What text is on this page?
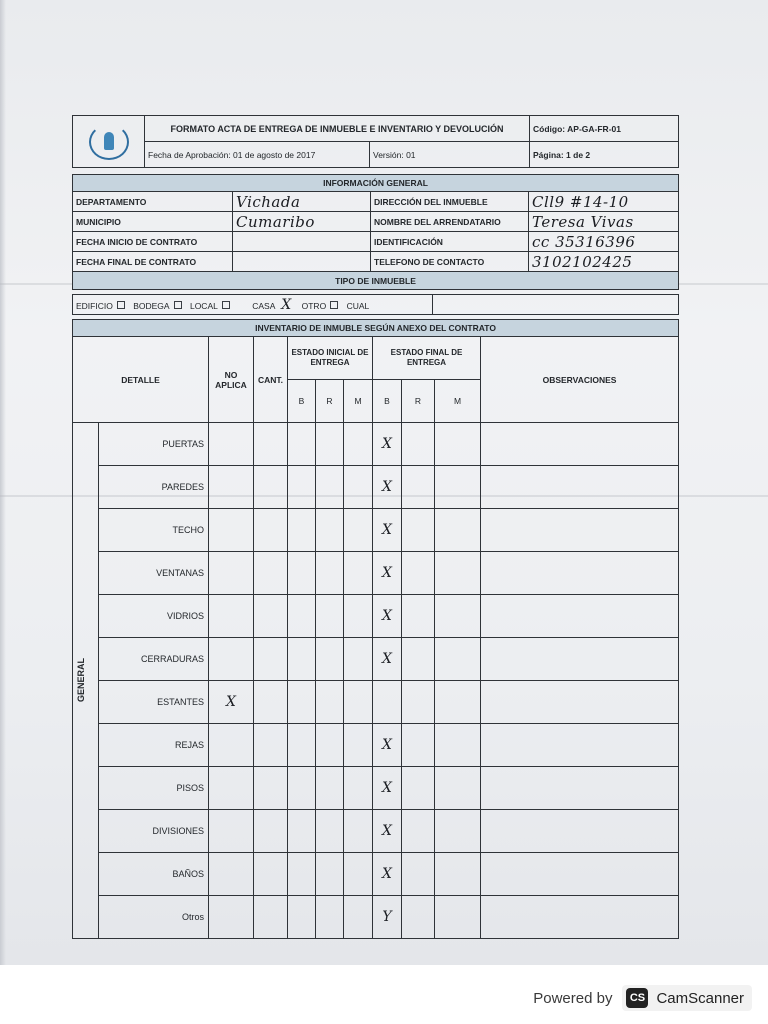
	FORMATO ACTA DE ENTREGA DE INMUEBLE E INVENTARIO Y DEVOLUCIÓN		Código: AP-GA-FR-01
	Fecha de Aprobación: 01 de agosto de 2017	Versión: 01	Página: 1 de 2
INFORMACIÓN GENERAL			
DEPARTAMENTO	Vichada	DIRECCIÓN DEL INMUEBLE	Cll9 #14-10
MUNICIPIO	Cumaribo	NOMBRE DEL ARRENDATARIO	Teresa Vivas
FECHA INICIO DE CONTRATO		IDENTIFICACIÓN	cc 35316396
FECHA FINAL DE CONTRATO		TELEFONO DE CONTACTO	3102102425
TIPO DE INMUEBLE			
EDIFICIO BODEGA LOCAL	CASA X OTRO CUAL	
INVENTARIO DE INMUBLE SEGÚN ANEXO DEL CONTRATO										
DETALLE		NO APLICA	CANT.	ESTADO INICIAL DE ENTREGA			ESTADO FINAL DE ENTREGA			OBSERVACIONES
				B	R	M	B	R	M	

GENERAL	PUERTAS						X			
	PAREDES						X			
	TECHO						X			
	VENTANAS						X			
	VIDRIOS						X			
	CERRADURAS						X			
	ESTANTES	X								
	REJAS						X			
	PISOS						X			
	DIVISIONES						X			
	BAÑOS						X			
	Otros						Y			
Powered by	CS CamScanner
